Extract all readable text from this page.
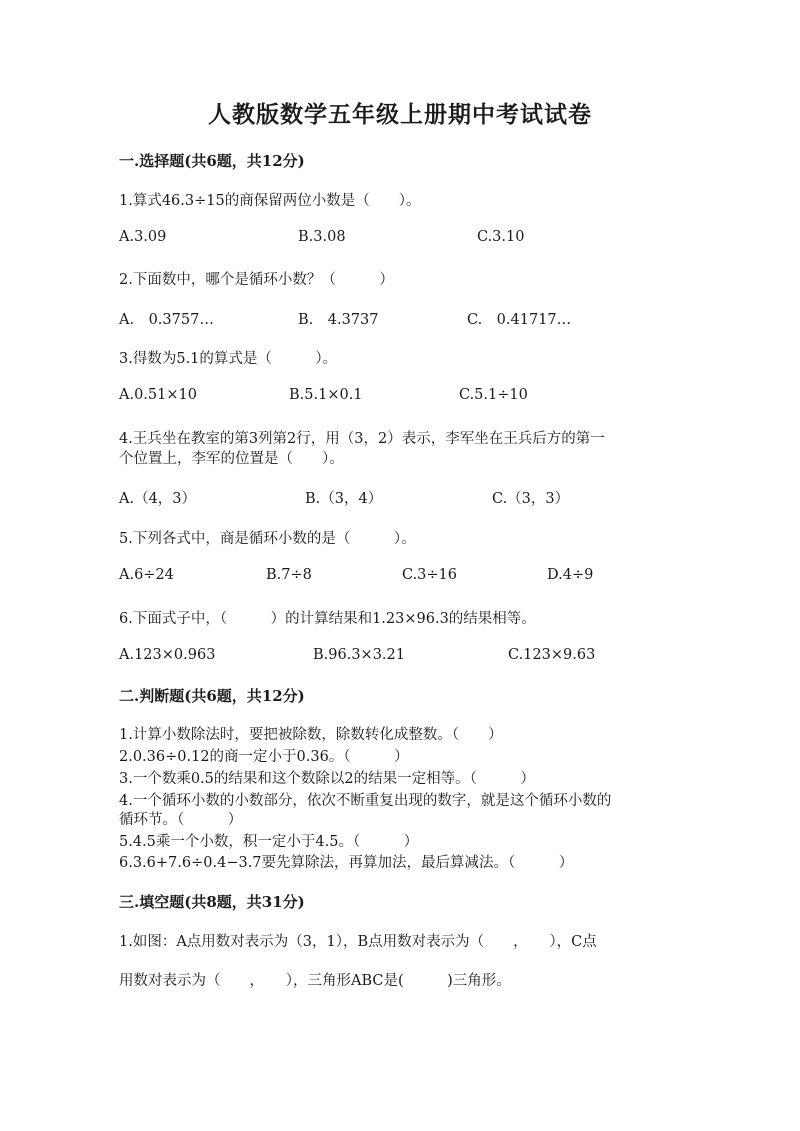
人教版数学五年级上册期中考试试卷
一.选择题(共6题，共12分)
1.算式46.3÷15的商保留两位小数是（　　）。
A.3.09	B.3.08	C.3.10
2.下面数中，哪个是循环小数？（　　　）
A.　0.3757…	B.　4.3737	C.　0.41717…
3.得数为5.1的算式是（　　　）。
A.0.51×10	B.5.1×0.1	C.5.1÷10
4.王兵坐在教室的第3列第2行，用（3，2）表示，李军坐在王兵后方的第一
个位置上，李军的位置是（　　）。
A.（4，3）	B.（3，4）	C.（3，3）
5.下列各式中，商是循环小数的是（　　　）。
A.6÷24	B.7÷8	C.3÷16	D.4÷9
6.下面式子中，（　　　）的计算结果和1.23×96.3的结果相等。
A.123×0.963	B.96.3×3.21	C.123×9.63
二.判断题(共6题，共12分)
1.计算小数除法时，要把被除数，除数转化成整数。（　　）
2.0.36÷0.12的商一定小于0.36。（　　　）
3.一个数乘0.5的结果和这个数除以2的结果一定相等。（　　　）
4.一个循环小数的小数部分，依次不断重复出现的数字，就是这个循环小数的
循环节。（　　　）
5.4.5乘一个小数，积一定小于4.5。（　　　）
6.3.6+7.6÷0.4−3.7要先算除法，再算加法，最后算减法。（　　　）
三.填空题(共8题，共31分)
1.如图：A点用数对表示为（3，1），B点用数对表示为（　　，　　），C点
用数对表示为（　　，　　），三角形ABC是(　　　)三角形。
